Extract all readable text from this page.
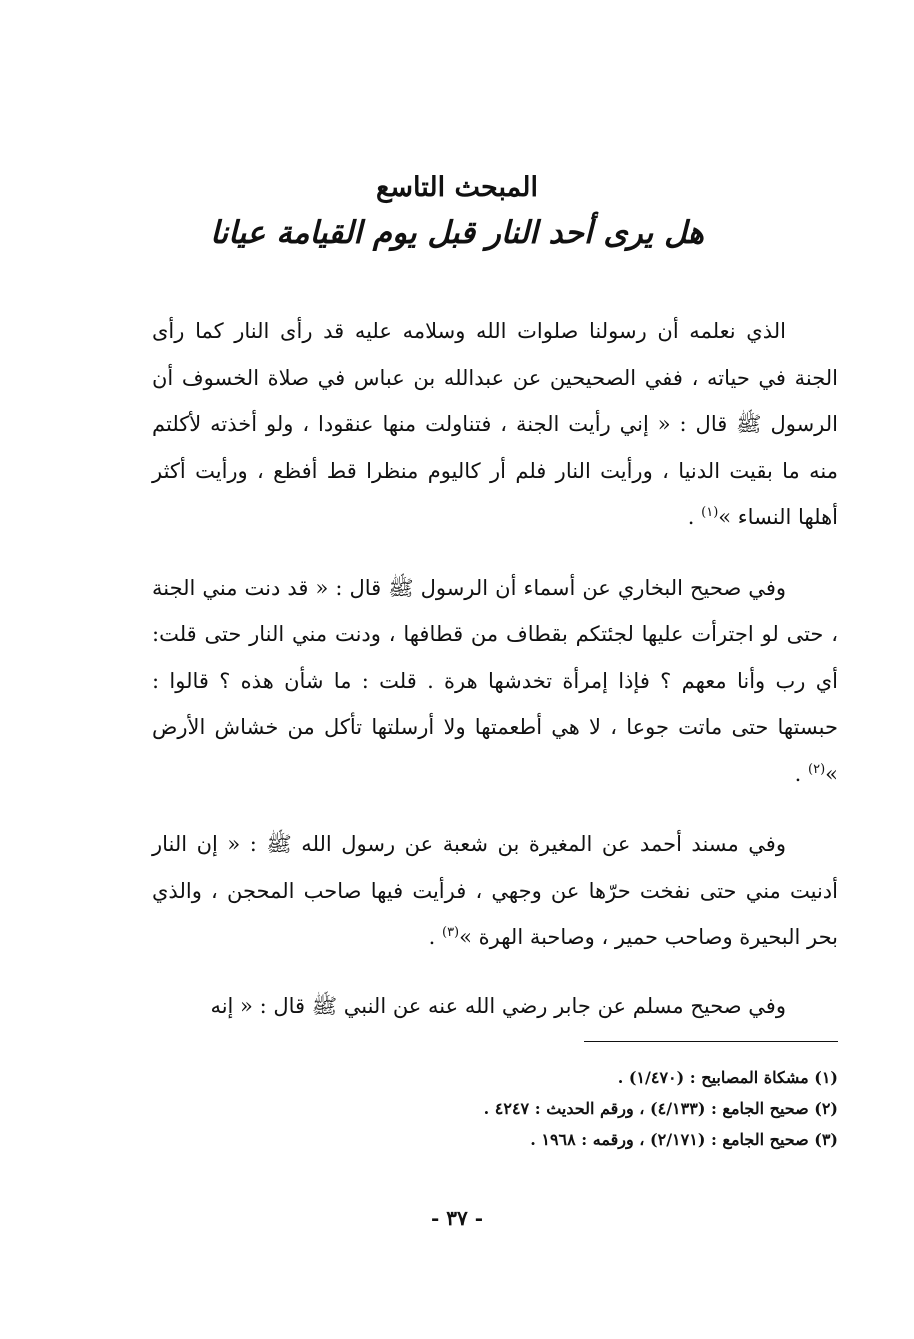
المبحث التاسع
هل يرى أحد النار قبل يوم القيامة عيانا

الذي نعلمه أن رسولنا صلوات الله وسلامه عليه قد رأى النار كما رأى الجنة في حياته ، ففي الصحيحين عن عبدالله بن عباس في صلاة الخسوف أن الرسول ﷺ قال : « إني رأيت الجنة ، فتناولت منها عنقودا ، ولو أخذته لأكلتم منه ما بقيت الدنيا ، ورأيت النار فلم أر كاليوم منظرا قط أفظع ، ورأيت أكثر أهلها النساء »$^{(١)}$ .

وفي صحيح البخاري عن أسماء أن الرسول ﷺ قال : « قد دنت مني الجنة ، حتى لو اجترأت عليها لجئتكم بقطاف من قطافها ، ودنت مني النار حتى قلت: أي رب وأنا معهم ؟ فإذا إمرأة تخدشها هرة . قلت : ما شأن هذه ؟ قالوا : حبستها حتى ماتت جوعا ، لا هي أطعمتها ولا أرسلتها تأكل من خشاش الأرض »$^{(٢)}$ .

وفي مسند أحمد عن المغيرة بن شعبة عن رسول الله ﷺ : « إن النار أدنيت مني حتى نفخت حرّها عن وجهي ، فرأيت فيها صاحب المحجن ، والذي بحر البحيرة وصاحب حمير ، وصاحبة الهرة »$^{(٣)}$ .

وفي صحيح مسلم عن جابر رضي الله عنه عن النبي ﷺ قال : « إنه

(١) مشكاة المصابيح : (١/٤٧٠) .

(٢) صحيح الجامع : (٤/١٣٣) ، ورقم الحديث : ٤٢٤٧ .

(٣) صحيح الجامع : (٢/١٧١) ، ورقمه : ١٩٦٨ .

- ٣٧ -
